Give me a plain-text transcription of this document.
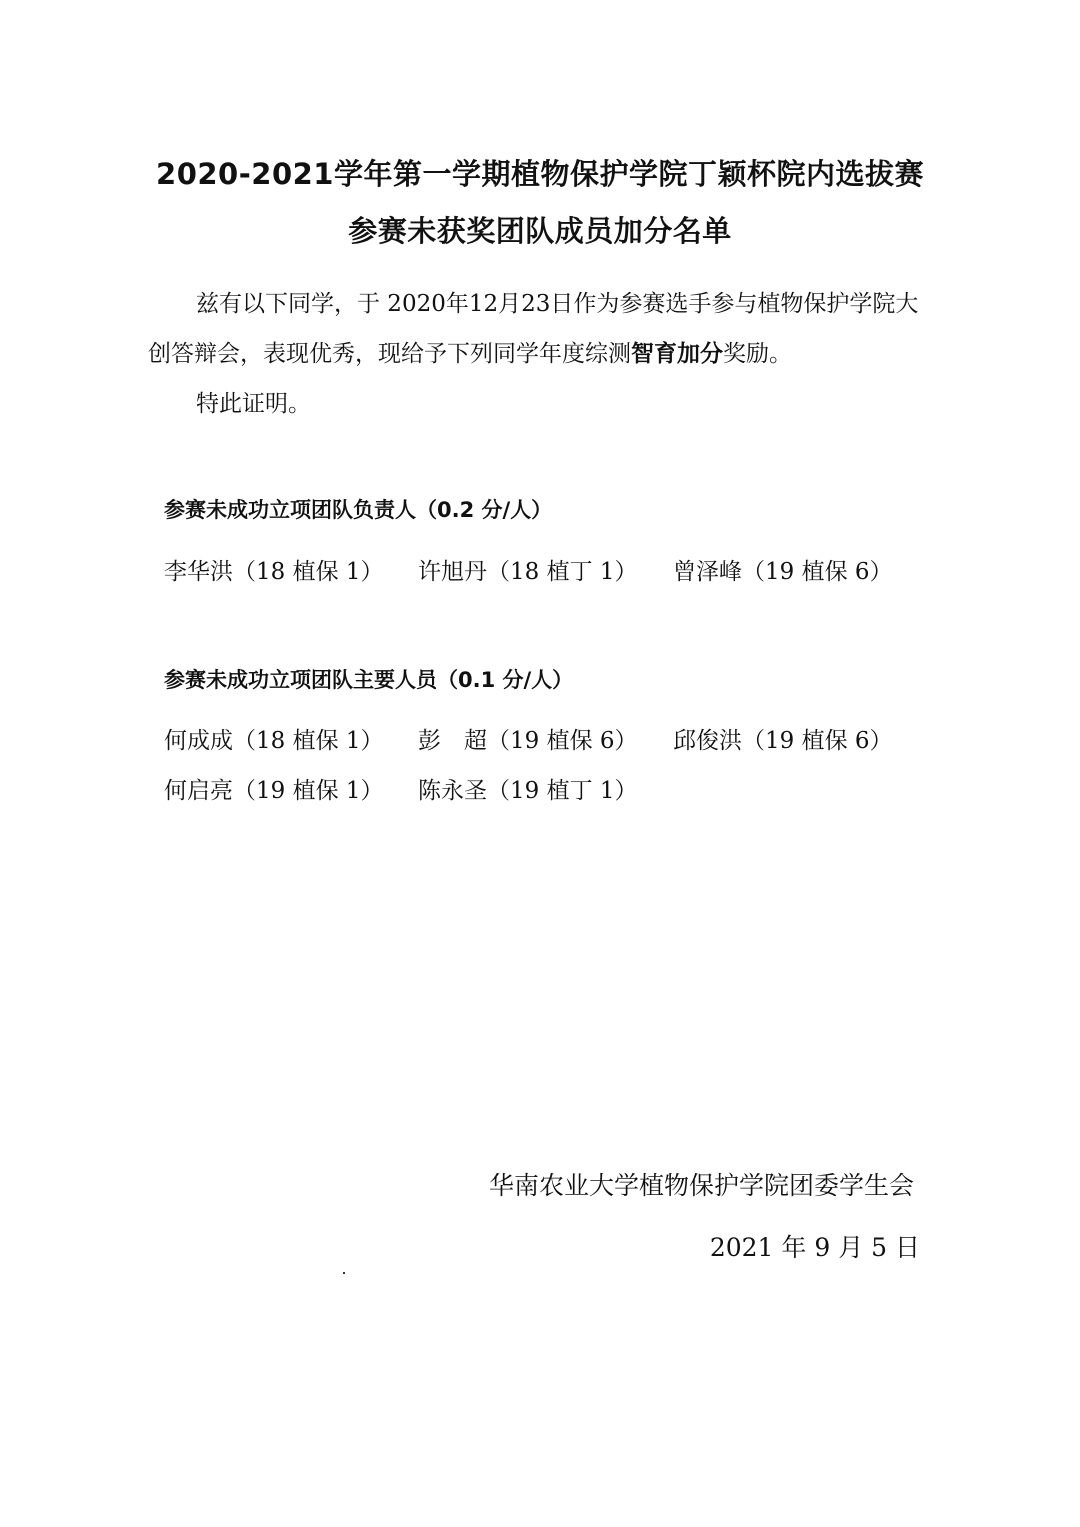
2020-2021学年第一学期植物保护学院丁颖杯院内选拔赛
参赛未获奖团队成员加分名单

兹有以下同学，于 2020年12月23日作为参赛选手参与植物保护学院大创答辩会，表现优秀，现给予下列同学年度综测智育加分奖励。

特此证明。

参赛未成功立项团队负责人（0.2 分/人）

李华洪（18 植保 1）

许旭丹（18 植丁 1）

曾泽峰（19 植保 6）

参赛未成功立项团队主要人员（0.1 分/人）

何成成（18 植保 1）

彭　超（19 植保 6）

邱俊洪（19 植保 6）

何启亮（19 植保 1）

陈永圣（19 植丁 1）

华南农业大学植物保护学院团委学生会

2021 年 9 月 5 日
